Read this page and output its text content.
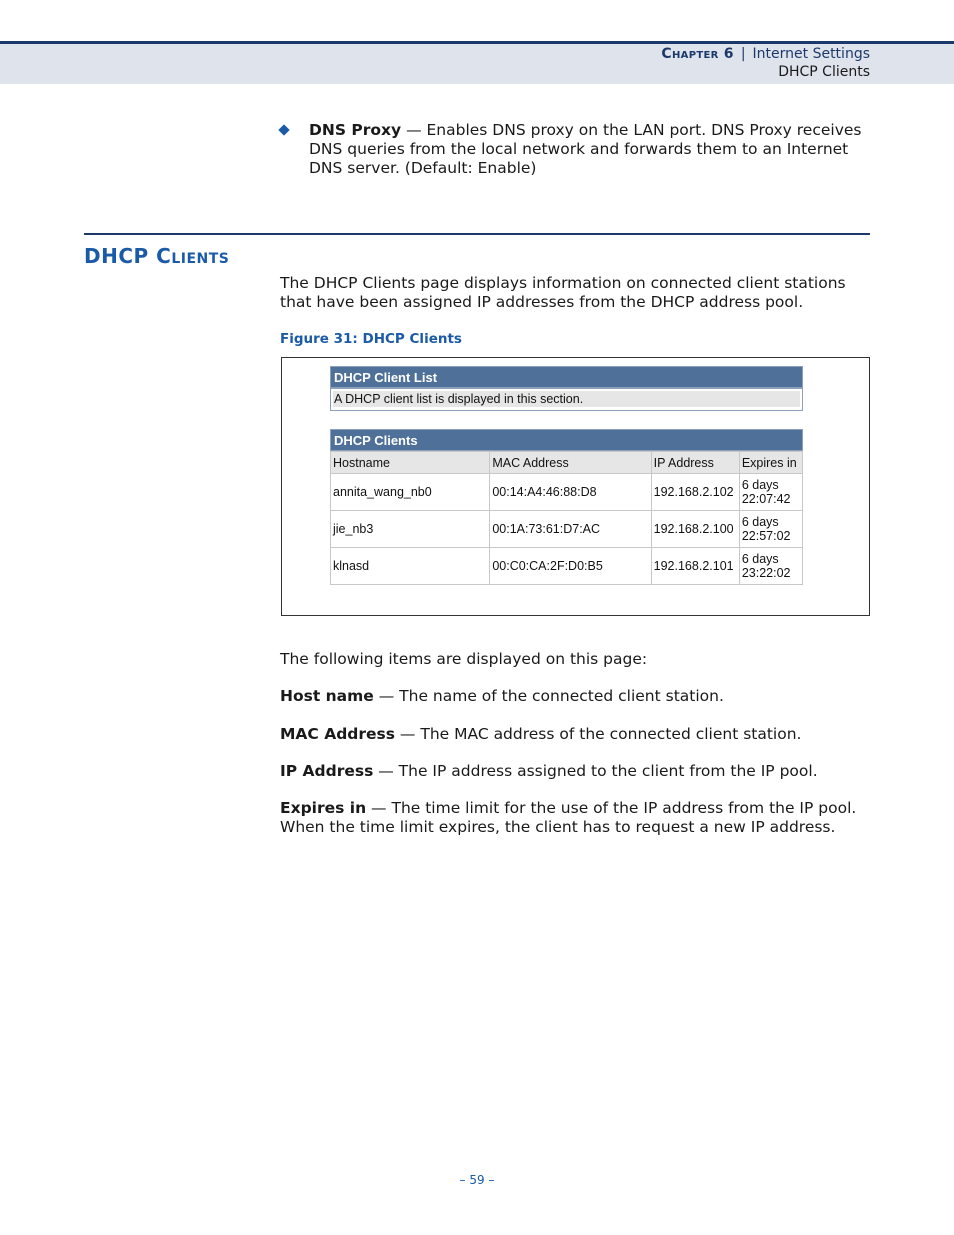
Chapter 6 | Internet Settings
DHCP Clients
DNS Proxy — Enables DNS proxy on the LAN port. DNS Proxy receives DNS queries from the local network and forwards them to an Internet DNS server. (Default: Enable)
DHCP Clients
The DHCP Clients page displays information on connected client stations that have been assigned IP addresses from the DHCP address pool.
Figure 31: DHCP Clients
DHCP Client List
A DHCP client list is displayed in this section.
DHCP Clients
Hostname	MAC Address	IP Address	Expires in
annita_wang_nb0	00:14:A4:46:88:D8	192.168.2.102	6 days 22:07:42
jie_nb3	00:1A:73:61:D7:AC	192.168.2.100	6 days 22:57:02
klnasd	00:C0:CA:2F:D0:B5	192.168.2.101	6 days 23:22:02
The following items are displayed on this page:
Host name — The name of the connected client station.
MAC Address — The MAC address of the connected client station.
IP Address — The IP address assigned to the client from the IP pool.
Expires in — The time limit for the use of the IP address from the IP pool. When the time limit expires, the client has to request a new IP address.
– 59 –
